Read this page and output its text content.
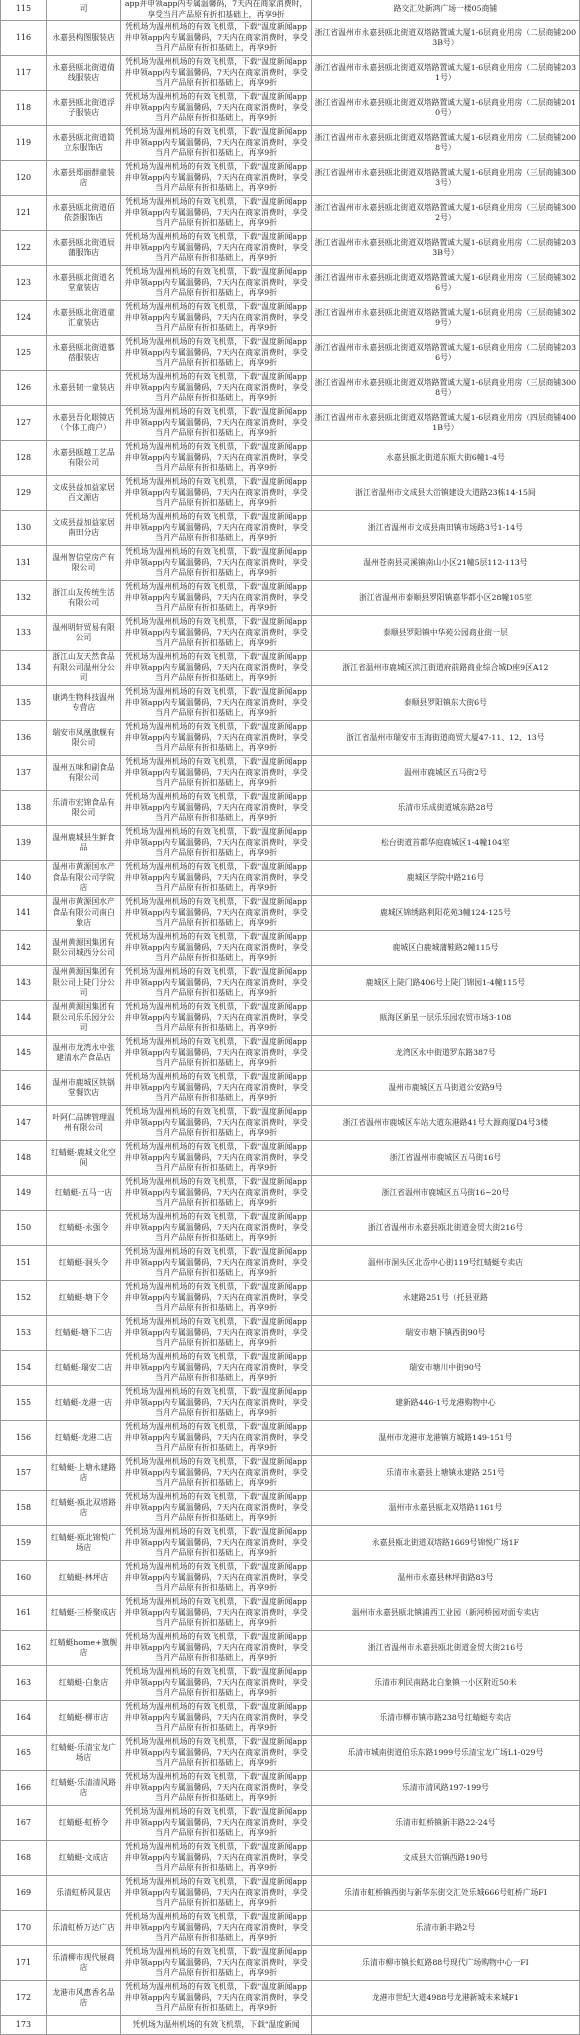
115	司	app并申领app内专属温馨码，7天内在商家消费时，享受当月产品原有折扣基础上，再享9折	路交汇处新鸿广场一楼05商铺
116	永嘉县构图服装店	凭机场为温州机场的有效飞机票，下载"温度新闻app并申领app内专属温馨码，7天内在商家消费时，享受当月产品原有折扣基础上，再享9折	浙江省温州市永嘉县瓯北街道双塔路置诚大厦1-6层商业用房（二层商铺2003B号）
117	永嘉县瓯北街道倩线服装店	凭机场为温州机场的有效飞机票，下载"温度新闻app并申领app内专属温馨码，7天内在商家消费时，享受当月产品原有折扣基础上，再享9折	浙江省温州市永嘉县瓯北街道双塔路置诚大厦1-6层商业用房（二层商铺2031号）
118	永嘉县瓯北街道浮子服装店	凭机场为温州机场的有效飞机票，下载"温度新闻app并申领app内专属温馨码，7天内在商家消费时，享受当月产品原有折扣基础上，再享9折	浙江省温州市永嘉县瓯北街道双塔路置诚大厦1-6层商业用房（二层商铺2010号）
119	永嘉县瓯北街道简立东服饰店	凭机场为温州机场的有效飞机票，下载"温度新闻app并申领app内专属温馨码，7天内在商家消费时，享受当月产品原有折扣基础上，再享9折	浙江省温州市永嘉县瓯北街道双塔路置诚大厦1-6层商业用房（二层商铺2008号）
120	永嘉县郑丽群童装店	凭机场为温州机场的有效飞机票，下载"温度新闻app并申领app内专属温馨码，7天内在商家消费时，享受当月产品原有折扣基础上，再享9折	浙江省温州市永嘉县瓯北街道双塔路置诚大厦1-6层商业用房（三层商铺3003号）
121	永嘉县瓯北街道佰依荟服饰店	凭机场为温州机场的有效飞机票，下载"温度新闻app并申领app内专属温馨码，7天内在商家消费时，享受当月产品原有折扣基础上，再享9折	浙江省温州市永嘉县瓯北街道双塔路置诚大厦1-6层商业用房（三层商铺3002号）
122	永嘉县瓯北街道辰蒲服饰店	凭机场为温州机场的有效飞机票，下载"温度新闻app并申领app内专属温馨码，7天内在商家消费时，享受当月产品原有折扣基础上，再享9折	浙江省温州市永嘉县瓯北街道双塔路置诚大厦1-6层商业用房（二层商铺2033B号）
123	永嘉县瓯北街道名堂童装店	凭机场为温州机场的有效飞机票，下载"温度新闻app并申领app内专属温馨码，7天内在商家消费时，享受当月产品原有折扣基础上，再享9折	浙江省温州市永嘉县瓯北街道双塔路置诚大厦1-6层商业用房（三层商铺3026号）
124	永嘉县瓯北街道童汇童装店	凭机场为温州机场的有效飞机票，下载"温度新闻app并申领app内专属温馨码，7天内在商家消费时，享受当月产品原有折扣基础上，再享9折	浙江省温州市永嘉县瓯北街道双塔路置诚大厦1-6层商业用房（三层商铺3029号）
125	永嘉县瓯北街道慕蓓服装店	凭机场为温州机场的有效飞机票，下载"温度新闻app并申领app内专属温馨码，7天内在商家消费时，享受当月产品原有折扣基础上，再享9折	浙江省温州市永嘉县瓯北街道双塔路置诚大厦1-6层商业用房（二层商铺2036号）
126	永嘉县韧一童装店	凭机场为温州机场的有效飞机票，下载"温度新闻app并申领app内专属温馨码，7天内在商家消费时，享受当月产品原有折扣基础上，再享9折	浙江省温州市永嘉县瓯北街道双塔路置诚大厦1-6层商业用房（三层商铺3008号）
127	永嘉县吾化眼镜店（个体工商户）	凭机场为温州机场的有效飞机票，下载"温度新闻app并申领app内专属温馨码，7天内在商家消费时，享受当月产品原有折扣基础上，再享9折	浙江省温州市永嘉县瓯北街道双塔路置诚大厦1-6层商业用房（四层商铺4001B号）
128	永嘉县瓯越工艺品有限公司	凭机场为温州机场的有效飞机票，下载"温度新闻app并申领app内专属温馨码，7天内在商家消费时，享受当月产品原有折扣基础上，再享9折	永嘉县瓯北街道东瓯大街6幢1-4号
129	文成县益加益家居百文源店	凭机场为温州机场的有效飞机票，下载"温度新闻app并申领app内专属温馨码，7天内在商家消费时，享受当月产品原有折扣基础上，再享9折	浙江省温州市文成县大峃镇建设大道路23栋14-15间
130	文成县益加益家居南田分店	凭机场为温州机场的有效飞机票，下载"温度新闻app并申领app内专属温馨码，7天内在商家消费时，享受当月产品原有折扣基础上，再享9折	浙江省温州市文成县南田镇市场路3号1-14号
131	温州智信堂房产有限公司	凭机场为温州机场的有效飞机票，下载"温度新闻app并申领app内专属温馨码，7天内在商家消费时，享受当月产品原有折扣基础上，再享9折	温州苍南县灵溪镇南山小区21幢5层112-113号
132	浙江山友传统生活有限公司	凭机场为温州机场的有效飞机票，下载"温度新闻app并申领app内专属温馨码，7天内在商家消费时，享受当月产品原有折扣基础上，再享9折	浙江省温州市泰顺县罗阳镇嘉华都小区28幢105室
133	温州明轩贸易有限公司	凭机场为温州机场的有效飞机票，下载"温度新闻app并申领app内专属温馨码，7天内在商家消费时，享受当月产品原有折扣基础上，再享9折	泰顺县罗阳镇中华苑公园商业街一层
134	浙江山友天然食品有限公司温州分公司	凭机场为温州机场的有效飞机票，下载"温度新闻app并申领app内专属温馨码，7天内在商家消费时，享受当月产品原有折扣基础上，再享9折	浙江省温州市鹿城区滨江街道府前路商业综合城D座9区A12
135	康鸿生物科技温州专营店	凭机场为温州机场的有效飞机票，下载"温度新闻app并申领app内专属温馨码，7天内在商家消费时，享受当月产品原有折扣基础上，再享9折	泰顺县罗阳镇东大街6号
136	瑞安市凤凰旗舰有限公司	凭机场为温州机场的有效飞机票，下载"温度新闻app并申领app内专属温馨码，7天内在商家消费时，享受当月产品原有折扣基础上，再享9折	浙江省温州市瑞安市玉海街道商贸大厦47-11、12、13号
137	温州五味和副食品有限公司	凭机场为温州机场的有效飞机票，下载"温度新闻app并申领app内专属温馨码，7天内在商家消费时，享受当月产品原有折扣基础上，再享9折	温州市鹿城区五马街2号
138	乐清市宏锦食品有限公司	凭机场为温州机场的有效飞机票，下载"温度新闻app并申领app内专属温馨码，7天内在商家消费时，享受当月产品原有折扣基础上，再享9折	乐清市乐成街道城东路28号
139	温州鹿城县生鲜食品	凭机场为温州机场的有效飞机票，下载"温度新闻app并申领app内专属温馨码，7天内在商家消费时，享受当月产品原有折扣基础上，再享9折	松台街道首都华庭鹿城区1-4幢104室
140	温州市黄源国水产食品有限公司学院店	凭机场为温州机场的有效飞机票，下载"温度新闻app并申领app内专属温馨码，7天内在商家消费时，享受当月产品原有折扣基础上，再享9折	鹿城区学院中路216号
141	温州市黄源国水产食品有限公司南白象店	凭机场为温州机场的有效飞机票，下载"温度新闻app并申领app内专属温馨码，7天内在商家消费时，享受当月产品原有折扣基础上，再享9折	鹿城区锦绣路利阳花苑3幢124-125号
142	温州黄源国集团有限公司城西分公司	凭机场为温州机场的有效飞机票，下载"温度新闻app并申领app内专属温馨码，7天内在商家消费时，享受当月产品原有折扣基础上，再享9折	鹿城区白鹿城蒲鞋路2幢115号
143	温州黄源国集团有限公司上陡门分公司	凭机场为温州机场的有效飞机票，下载"温度新闻app并申领app内专属温馨码，7天内在商家消费时，享受当月产品原有折扣基础上，再享9折	鹿城区上陡门路406号上陡门锦园1-4幢115号
144	温州黄源国集团有限公司乐乐园分公司	凭机场为温州机场的有效飞机票，下载"温度新闻app并申领app内专属温馨码，7天内在商家消费时，享受当月产品原有折扣基础上，再享9折	瓯海区新星一层乐乐园农贸市场3-108
145	温州市龙湾永中张建清水产食品店	凭机场为温州机场的有效飞机票，下载"温度新闻app并申领app内专属温馨码，7天内在商家消费时，享受当月产品原有折扣基础上，再享9折	龙湾区永中街道罗东路387号
146	温州市鹿城区铁锅堂餐饮店	凭机场为温州机场的有效飞机票，下载"温度新闻app并申领app内专属温馨码，7天内在商家消费时，享受当月产品原有折扣基础上，再享9折	温州市鹿城区五马街道公安路9号
147	叶阿仁品牌管理温州有限公司	凭机场为温州机场的有效飞机票，下载"温度新闻app并申领app内专属温馨码，7天内在商家消费时，享受当月产品原有折扣基础上，再享9折	浙江省温州市鹿城区车站大道东港路41号大源商厦D4号3楼
148	红蜻蜓·鹿城文化空间	凭机场为温州机场的有效飞机票，下载"温度新闻app并申领app内专属温馨码，7天内在商家消费时，享受当月产品原有折扣基础上，再享9折	浙江省温州市鹿城区五马街16号
149	红蜻蜓-五马一店	凭机场为温州机场的有效飞机票，下载"温度新闻app并申领app内专属温馨码，7天内在商家消费时，享受当月产品原有折扣基础上，再享9折	浙江省温州市鹿城区五马街16~20号
150	红蜻蜓-永强令	凭机场为温州机场的有效飞机票，下载"温度新闻app并申领app内专属温馨码，7天内在商家消费时，享受当月产品原有折扣基础上，再享9折	浙江省温州市永嘉县瓯北街道金贸大街216号
151	红蜻蜓-洞头令	凭机场为温州机场的有效飞机票，下载"温度新闻app并申领app内专属温馨码，7天内在商家消费时，享受当月产品原有折扣基础上，再享9折	温州市洞头区北岙中心街119号红蜻蜓专卖店
152	红蜻蜓-塘下令	凭机场为温州机场的有效飞机票，下载"温度新闻app并申领app内专属温馨码，7天内在商家消费时，享受当月产品原有折扣基础上，再享9折	永建路251号（托县亚路
153	红蜻蜓-塘下二店	凭机场为温州机场的有效飞机票，下载"温度新闻app并申领app内专属温馨码，7天内在商家消费时，享受当月产品原有折扣基础上，再享9折	瑞安市塘下镇西街90号
154	红蜻蜓-瑞安二店	凭机场为温州机场的有效飞机票，下载"温度新闻app并申领app内专属温馨码，7天内在商家消费时，享受当月产品原有折扣基础上，再享9折	瑞安市塘川中街90号
155	红蜻蜓-龙港一店	凭机场为温州机场的有效飞机票，下载"温度新闻app并申领app内专属温馨码，7天内在商家消费时，享受当月产品原有折扣基础上，再享9折	建新路446-1号龙港购物中心
156	红蜻蜓-龙港二店	凭机场为温州机场的有效飞机票，下载"温度新闻app并申领app内专属温馨码，7天内在商家消费时，享受当月产品原有折扣基础上，再享9折	温州市龙港市龙港镇方城路149-151号
157	红蜻蜓-上塘永建路店	凭机场为温州机场的有效飞机票，下载"温度新闻app并申领app内专属温馨码，7天内在商家消费时，享受当月产品原有折扣基础上，再享9折	乐清市永嘉县上塘镇永建路 251号
158	红蜻蜓-瓯北双塔路店	凭机场为温州机场的有效飞机票，下载"温度新闻app并申领app内专属温馨码，7天内在商家消费时，享受当月产品原有折扣基础上，再享9折	温州市永嘉县瓯北双塔路1161号
159	红蜻蜓-瓯北锦悦广场店	凭机场为温州机场的有效飞机票，下载"温度新闻app并申领app内专属温馨码，7天内在商家消费时，享受当月产品原有折扣基础上，再享9折	永嘉县瓯北街道双塔路1669号锦悦广场1F
160	红蜻蜓-林坪店	凭机场为温州机场的有效飞机票，下载"温度新闻app并申领app内专属温馨码，7天内在商家消费时，享受当月产品原有折扣基础上，再享9折	温州市永嘉县林坪街路83号
161	红蜻蜓-三桥聚成店	凭机场为温州机场的有效飞机票，下载"温度新闻app并申领app内专属温馨码，7天内在商家消费时，享受当月产品原有折扣基础上，再享9折	温州市永嘉县瓯北镇浦西工业园（新河桥园对面专卖店
162	红蜻蜓home+旗舰店	凭机场为温州机场的有效飞机票，下载"温度新闻app并申领app内专属温馨码，7天内在商家消费时，享受当月产品原有折扣基础上，再享9折	浙江省温州市永嘉县瓯北街道金贸大街216号
163	红蜻蜓-白象店	凭机场为温州机场的有效飞机票，下载"温度新闻app并申领app内专属温馨码，7天内在商家消费时，享受当月产品原有折扣基础上，再享9折	乐清市利民南路北白象镇一小区附近50米
164	红蜻蜓-柳市店	凭机场为温州机场的有效飞机票，下载"温度新闻app并申领app内专属温馨码，7天内在商家消费时，享受当月产品原有折扣基础上，再享9折	乐清市柳市镇市路238号红蜻蜓专卖店
165	红蜻蜓-乐清宝龙广场店	凭机场为温州机场的有效飞机票，下载"温度新闻app并申领app内专属温馨码，7天内在商家消费时，享受当月产品原有折扣基础上，再享9折	乐清市城南街道伯乐东路1999号乐清宝龙广场L1-029号
166	红蜻蜓-乐清清风路店	凭机场为温州机场的有效飞机票，下载"温度新闻app并申领app内专属温馨码，7天内在商家消费时，享受当月产品原有折扣基础上，再享9折	乐清市清风路197-199号
167	红蜻蜓-虹桥令	凭机场为温州机场的有效飞机票，下载"温度新闻app并申领app内专属温馨码，7天内在商家消费时，享受当月产品原有折扣基础上，再享9折	乐清市虹桥镇新丰路22-24号
168	红蜻蜓-文成店	凭机场为温州机场的有效飞机票，下载"温度新闻app并申领app内专属温馨码，7天内在商家消费时，享受当月产品原有折扣基础上，再享9折	文成县大峃镇西路190号
169	乐清虹桥风景店	凭机场为温州机场的有效飞机票，下载"温度新闻app并申领app内专属温馨码，7天内在商家消费时，享受当月产品原有折扣基础上，再享9折	乐清市虹桥镇西街与新华东街交汇处乐城666号虹桥广场FI
170	乐清虹桥万达广店	凭机场为温州机场的有效飞机票，下载"温度新闻app并申领app内专属温馨码，7天内在商家消费时，享受当月产品原有折扣基础上，再享9折	乐清市新丰路2号
171	乐清柳市现代展商店	凭机场为温州机场的有效飞机票，下载"温度新闻app并申领app内专属温馨码，7天内在商家消费时，享受当月产品原有折扣基础上，再享9折	乐清市柳市镇长虹路88号现代广场购物中心一FI
172	龙港市风惠香名品店	凭机场为温州机场的有效飞机票，下载"温度新闻app并申领app内专属温馨码，7天内在商家消费时，享受当月产品原有折扣基础上，再享9折	龙港市世纪大道4988号龙港新城未来城F1
173		凭机场为温州机场的有效飞机票，下载"温度新闻	
